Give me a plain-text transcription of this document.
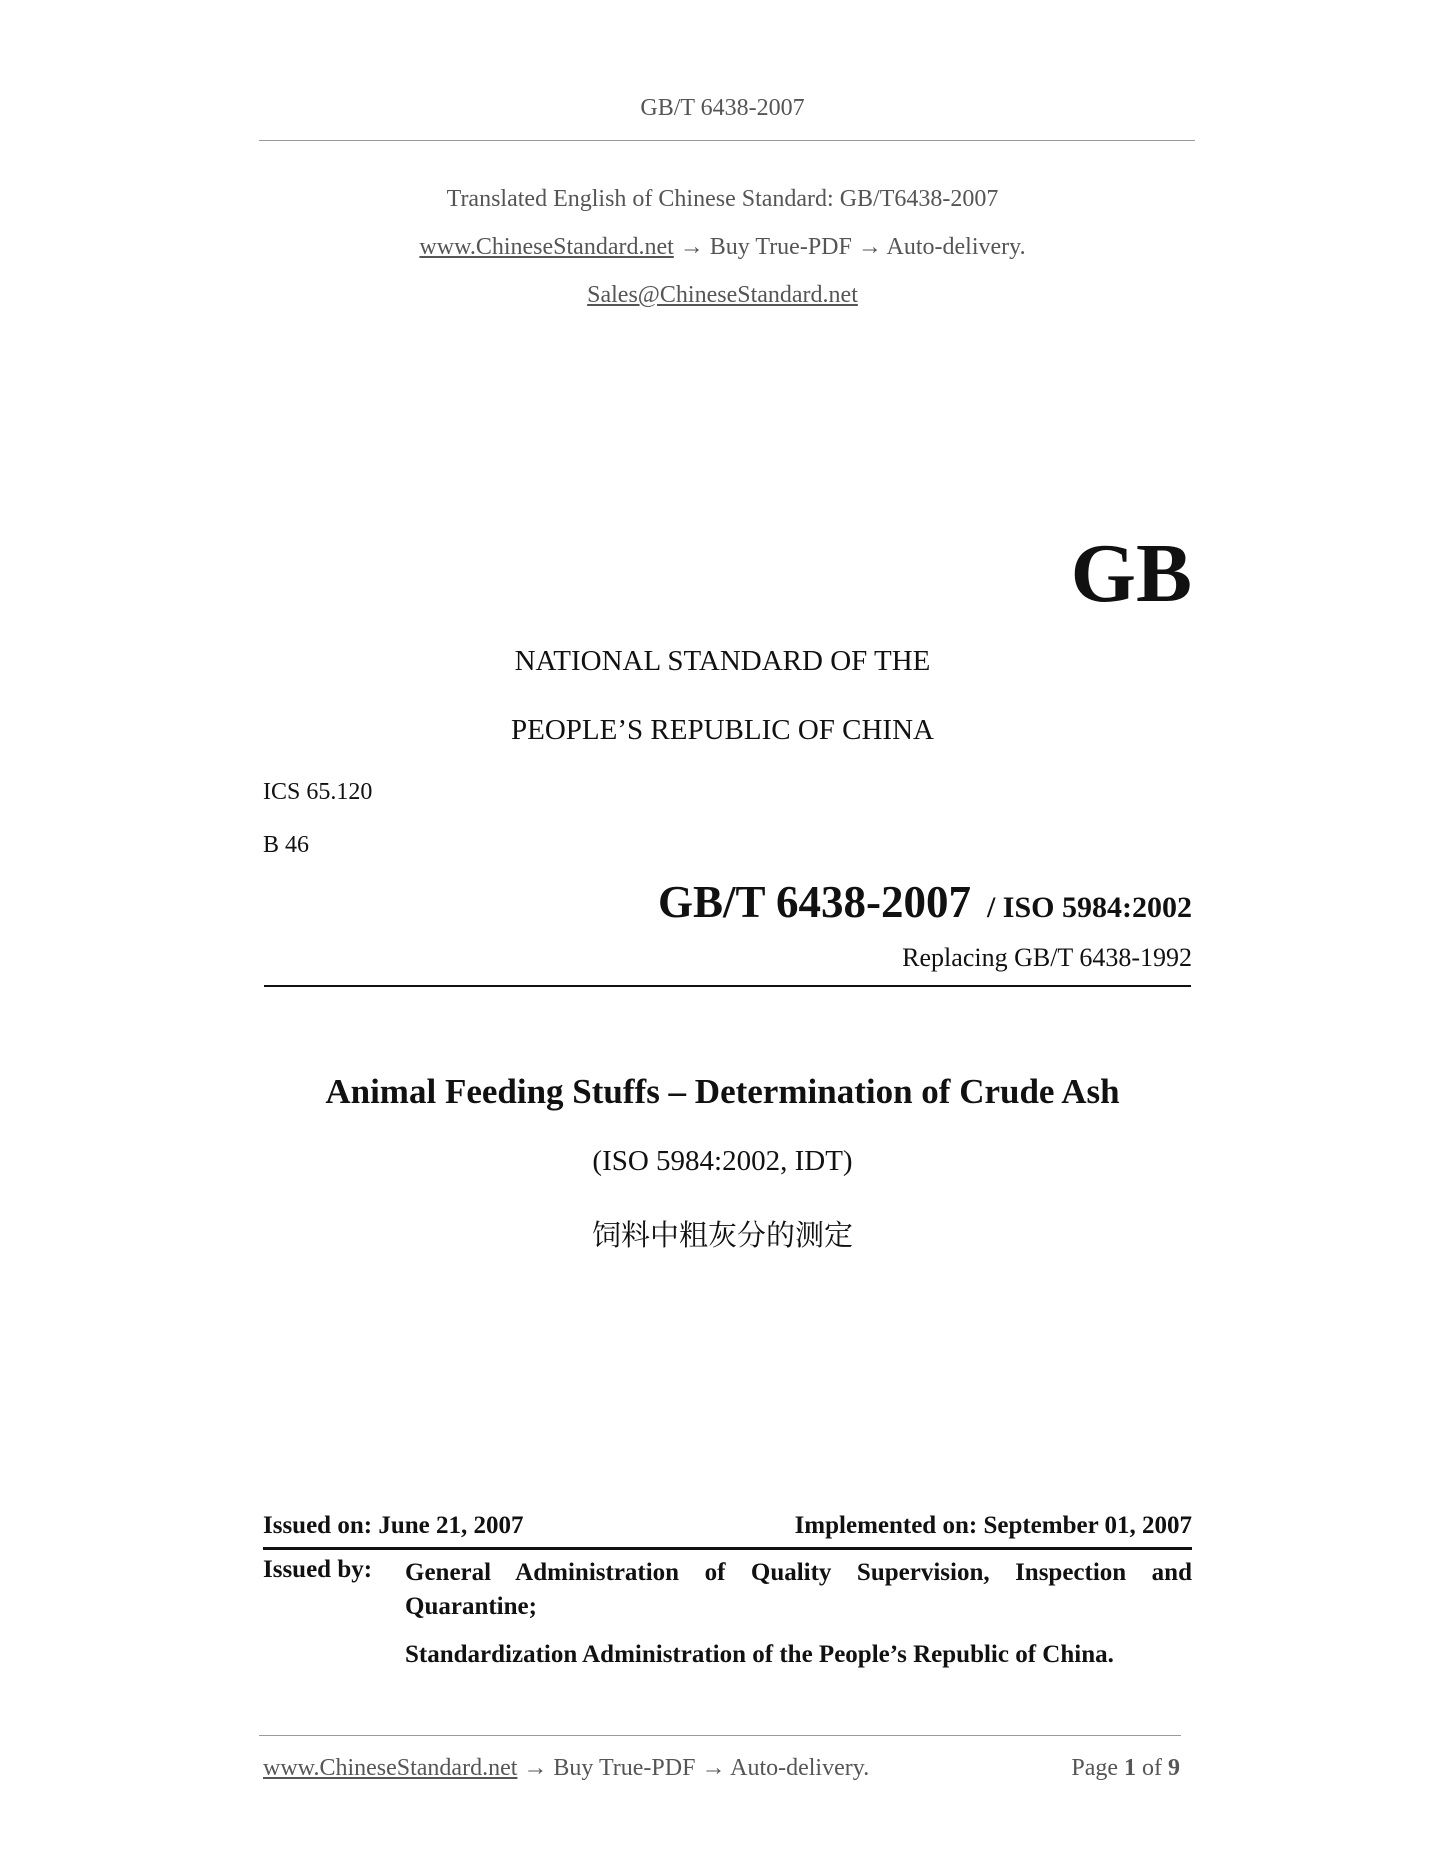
GB/T 6438-2007
Translated English of Chinese Standard: GB/T6438-2007
www.ChineseStandard.net → Buy True-PDF → Auto-delivery.
Sales@ChineseStandard.net
GB
NATIONAL STANDARD OF THE
PEOPLE’S REPUBLIC OF CHINA
ICS 65.120
B 46
GB/T 6438-2007 / ISO 5984:2002
Replacing GB/T 6438-1992
Animal Feeding Stuffs – Determination of Crude Ash
(ISO 5984:2002, IDT)
饲料中粗灰分的测定
Issued on: June 21, 2007	Implemented on: September 01, 2007
Issued by: General Administration of Quality Supervision, Inspection and Quarantine;
Standardization Administration of the People’s Republic of China.
www.ChineseStandard.net → Buy True-PDF → Auto-delivery.	Page 1 of 9
